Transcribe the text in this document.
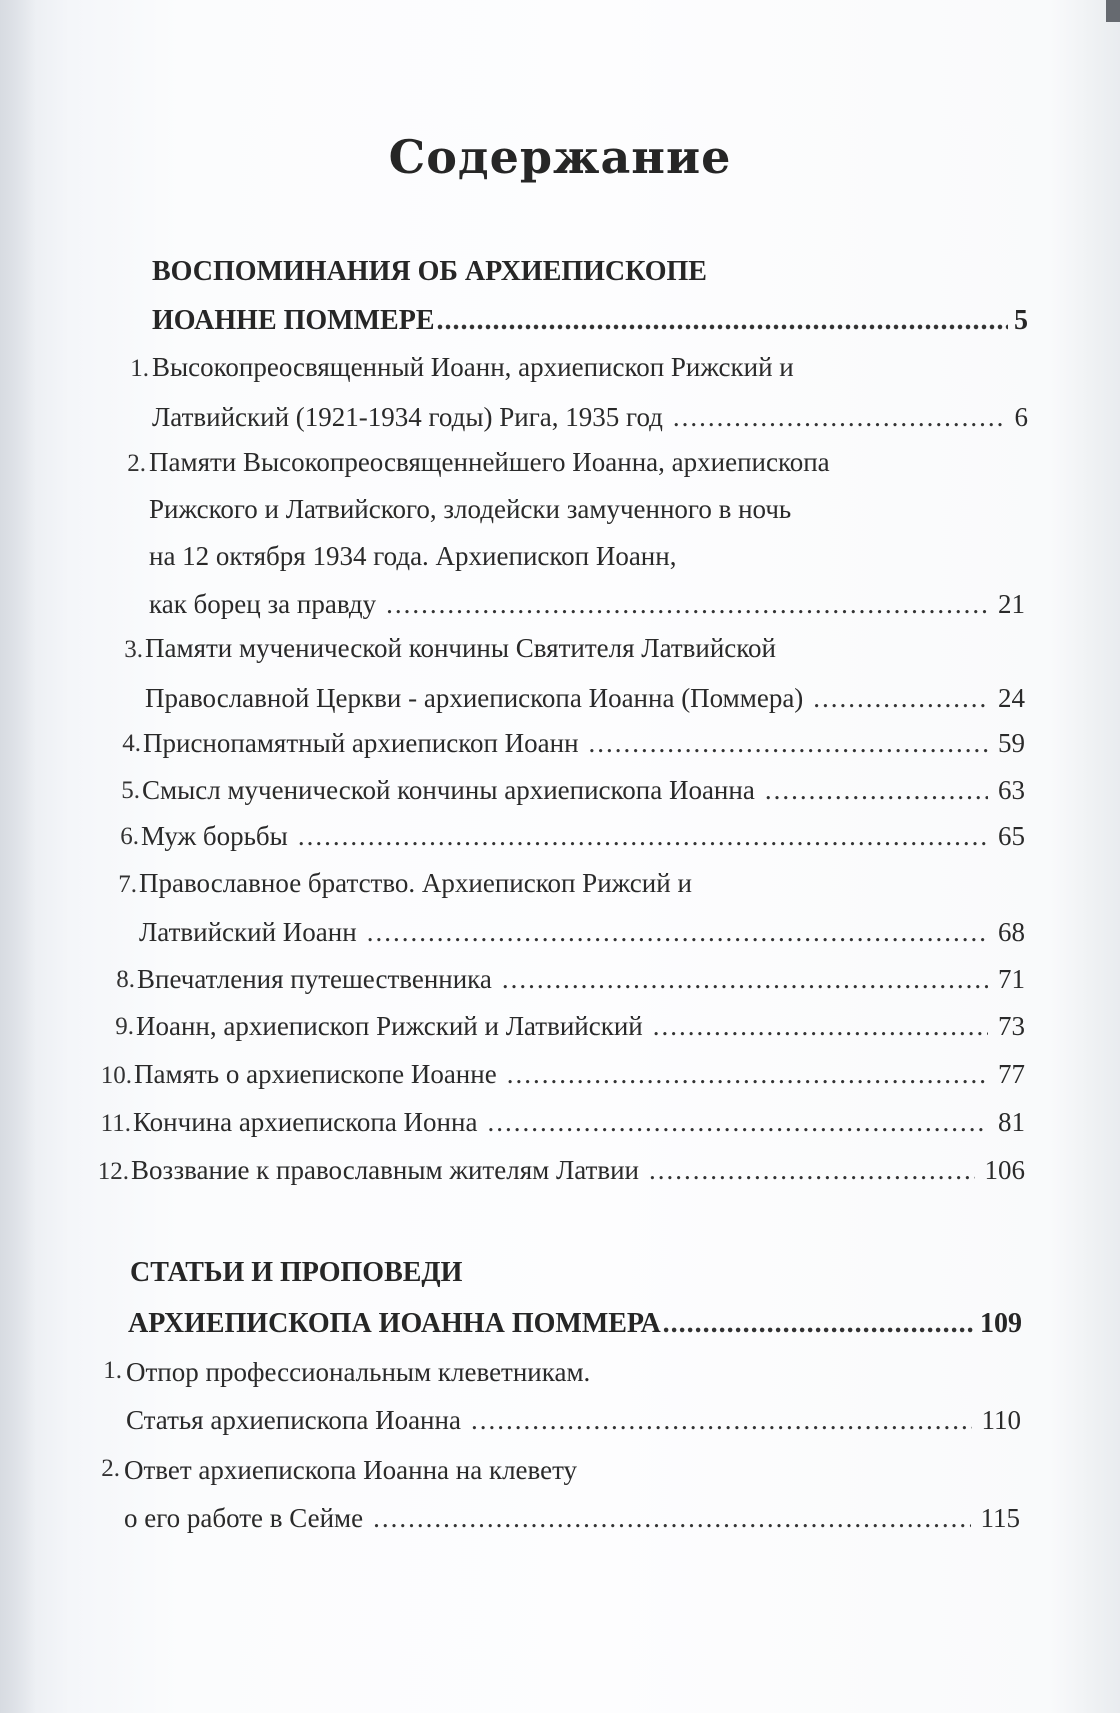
Содержание
ВОСПОМИНАНИЯ ОБ АРХИЕПИСКОПЕ
ИОАННЕ ПОММЕРЕ .....	5
1. Высокопреосвященный Иоанн, архиепископ Рижский и
Латвийский (1921-1934 годы) Рига, 1935 год .....	6
2. Памяти Высокопреосвященнейшего Иоанна, архиепископа
Рижского и Латвийского, злодейски замученного в ночь
на 12 октября 1934 года. Архиепископ Иоанн,
как борец за правду .....	21
3. Памяти мученической кончины Святителя Латвийской
Православной Церкви - архиепископа Иоанна (Поммера) .....	24
4. Приснопамятный архиепископ Иоанн .....	59
5. Смысл мученической кончины архиепископа Иоанна .....	63
6. Муж борьбы .....	65
7. Православное братство. Архиепископ Рижсий и
Латвийский Иоанн .....	68
8. Впечатления путешественника .....	71
9. Иоанн, архиепископ Рижский и Латвийский .....	73
10. Память о архиепископе Иоанне .....	77
11. Кончина архиепископа Ионна .....	81
12. Воззвание к православным жителям Латвии .....	106
СТАТЬИ И ПРОПОВЕДИ
АРХИЕПИСКОПА ИОАННА ПОММЕРА .....	109
1. Отпор профессиональным клеветникам.
Статья архиепископа Иоанна .....	110
2. Ответ архиепископа Иоанна на клевету
о его работе в Сейме .....	115
